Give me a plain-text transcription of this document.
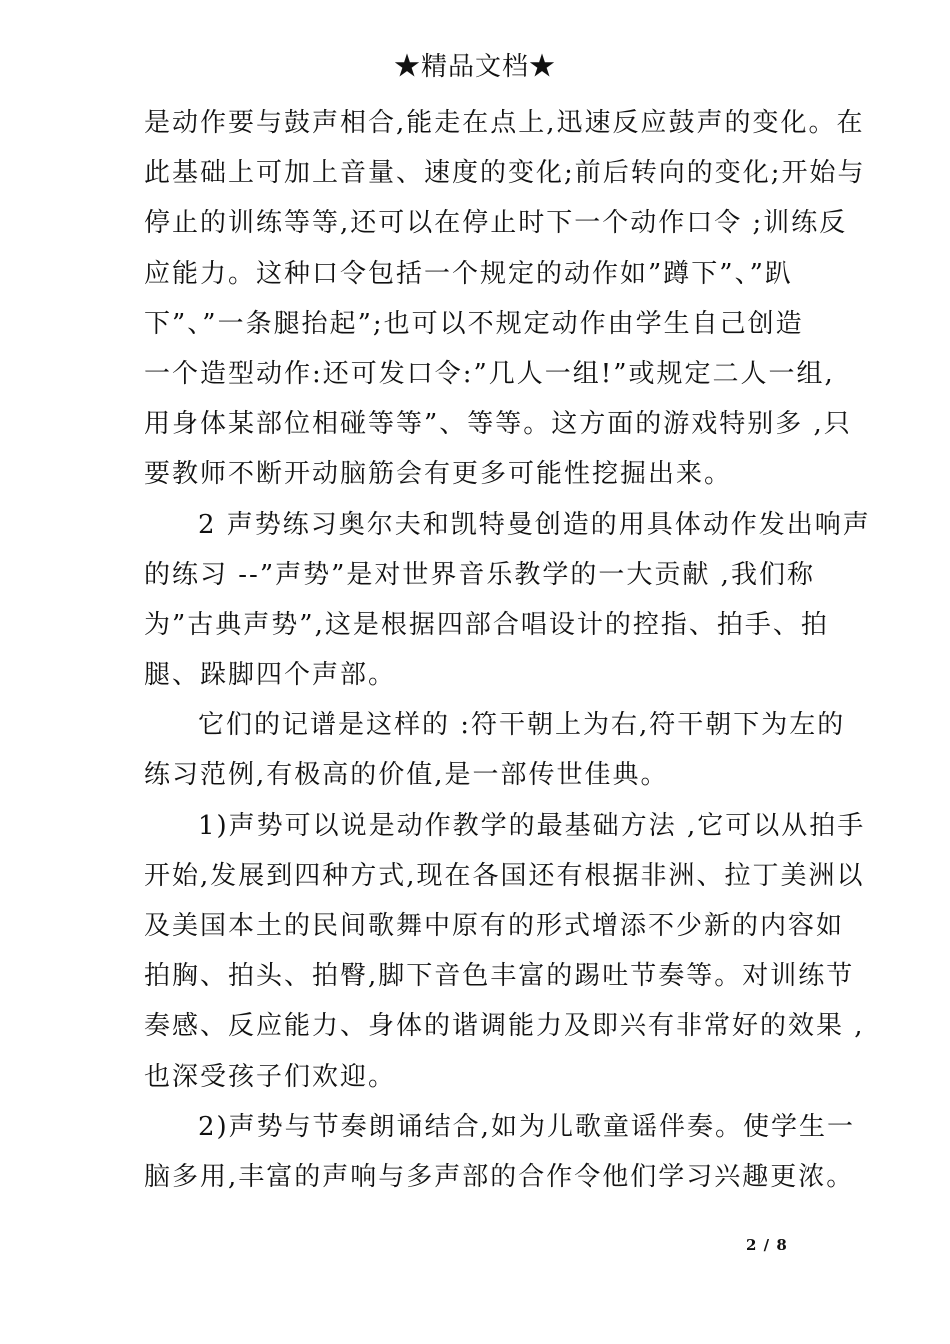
★精品文档★
是动作要与鼓声相合,能走在点上,迅速反应鼓声的变化。在
此基础上可加上音量、速度的变化;前后转向的变化;开始与
停止的训练等等,还可以在停止时下一个动作口令 ;训练反
应能力。这种口令包括一个规定的动作如”蹲下”、”趴
下”、”一条腿抬起”;也可以不规定动作由学生自己创造
一个造型动作:还可发口令:”几人一组!”或规定二人一组,
用身体某部位相碰等等”、等等。这方面的游戏特别多 ,只
要教师不断开动脑筋会有更多可能性挖掘出来。
2 声势练习奥尔夫和凯特曼创造的用具体动作发出响声
的练习 --”声势”是对世界音乐教学的一大贡献 ,我们称
为”古典声势”,这是根据四部合唱设计的控指、拍手、拍
腿、跺脚四个声部。
它们的记谱是这样的 :符干朝上为右,符干朝下为左的
练习范例,有极高的价值,是一部传世佳典。
1)声势可以说是动作教学的最基础方法 ,它可以从拍手
开始,发展到四种方式,现在各国还有根据非洲、拉丁美洲以
及美国本土的民间歌舞中原有的形式增添不少新的内容如
拍胸、拍头、拍臀,脚下音色丰富的踢吐节奏等。对训练节
奏感、反应能力、身体的谐调能力及即兴有非常好的效果 ,
也深受孩子们欢迎。
2)声势与节奏朗诵结合,如为儿歌童谣伴奏。使学生一
脑多用,丰富的声响与多声部的合作令他们学习兴趣更浓。
2 / 8
